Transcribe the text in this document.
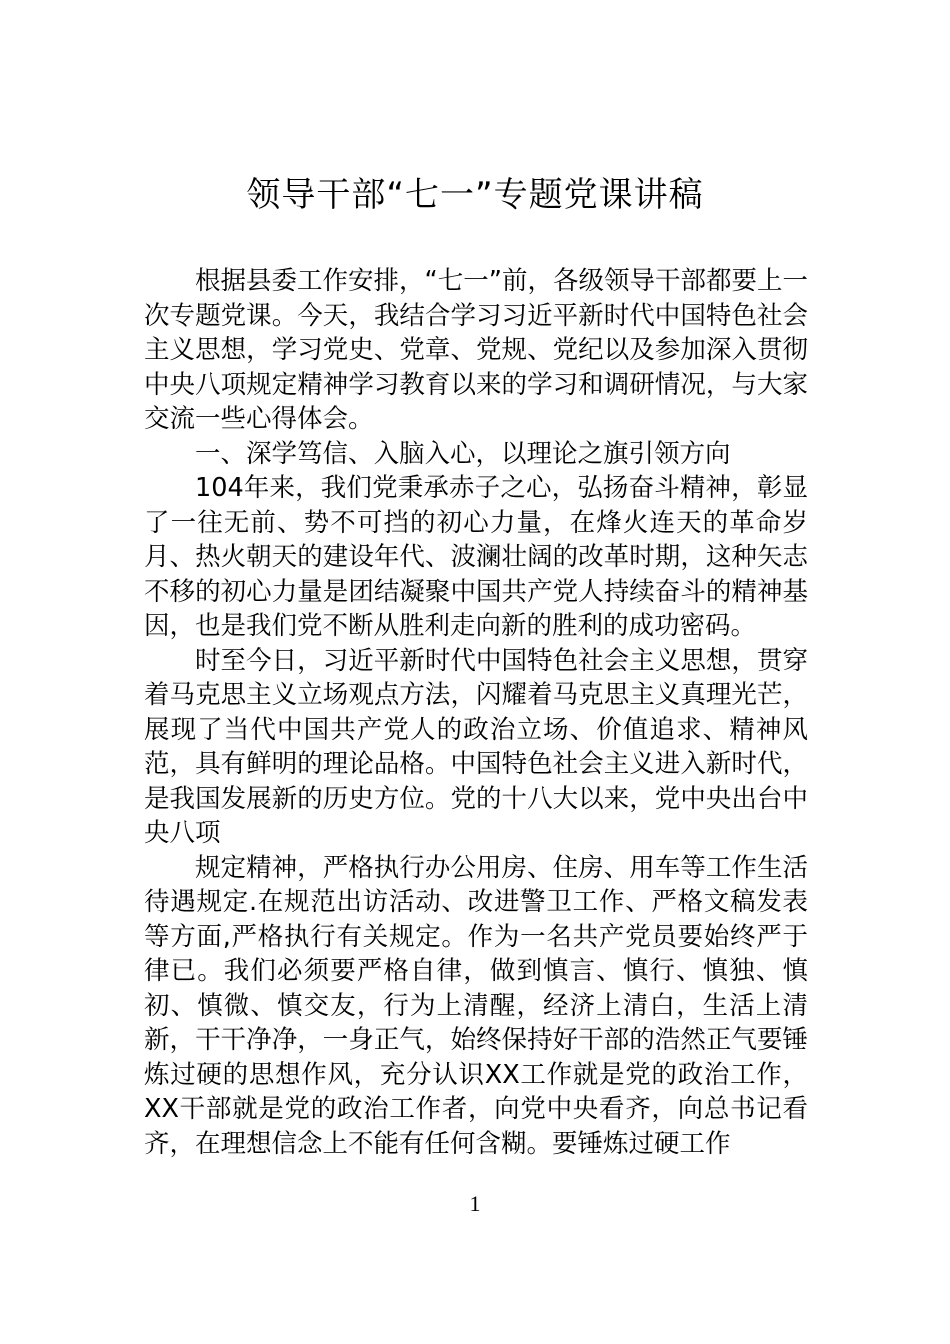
领导干部“七一”专题党课讲稿

根据县委工作安排，“七一”前，各级领导干部都要上一次专题党课。今天，我结合学习习近平新时代中国特色社会主义思想，学习党史、党章、党规、党纪以及参加深入贯彻中央八项规定精神学习教育以来的学习和调研情况，与大家交流一些心得体会。

一、深学笃信、入脑入心，以理论之旗引领方向

104年来，我们党秉承赤子之心，弘扬奋斗精神，彰显了一往无前、势不可挡的初心力量，在烽火连天的革命岁月、热火朝天的建设年代、波澜壮阔的改革时期，这种矢志不移的初心力量是团结凝聚中国共产党人持续奋斗的精神基因，也是我们党不断从胜利走向新的胜利的成功密码。

时至今日，习近平新时代中国特色社会主义思想，贯穿着马克思主义立场观点方法，闪耀着马克思主义真理光芒，展现了当代中国共产党人的政治立场、价值追求、精神风范，具有鲜明的理论品格。中国特色社会主义进入新时代，是我国发展新的历史方位。党的十八大以来，党中央出台中央八项

规定精神，严格执行办公用房、住房、用车等工作生活待遇规定.在规范出访活动、改进警卫工作、严格文稿发表等方面,严格执行有关规定。作为一名共产党员要始终严于律已。我们必须要严格自律，做到慎言、慎行、慎独、慎初、慎微、慎交友，行为上清醒，经济上清白，生活上清新，干干净净，一身正气，始终保持好干部的浩然正气要锤炼过硬的思想作风，充分认识XX工作就是党的政治工作，XX干部就是党的政治工作者，向党中央看齐，向总书记看齐，在理想信念上不能有任何含糊。要锤炼过硬工作

1
